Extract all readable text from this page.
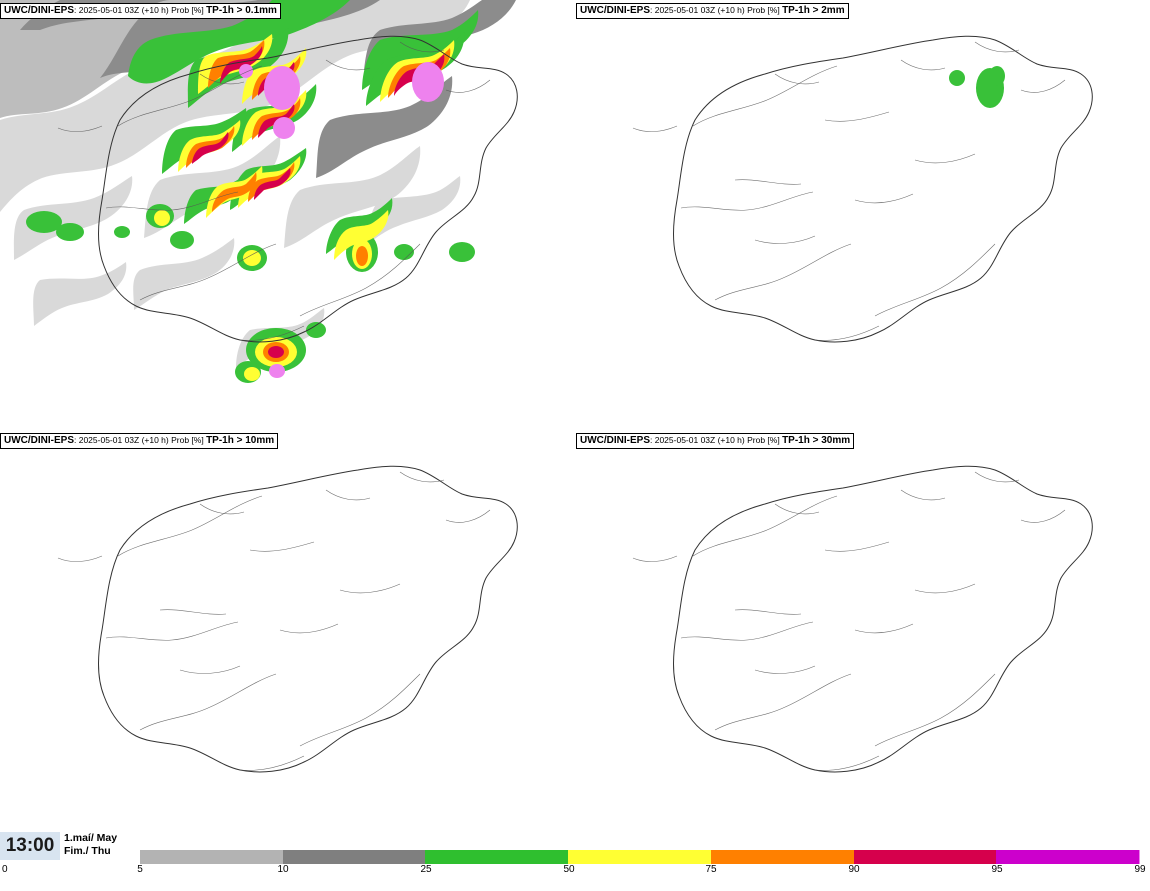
UWC/DINI-EPS: 2025-05-01 03Z (+10 h) Prob [%] TP-1h > 0.1mm	UWC/DINI-EPS: 2025-05-01 03Z (+10 h) Prob [%] TP-1h > 2mm
UWC/DINI-EPS: 2025-05-01 03Z (+10 h) Prob [%] TP-1h > 10mm	UWC/DINI-EPS: 2025-05-01 03Z (+10 h) Prob [%] TP-1h > 30mm
13:00 1.maí/ May
Fim./ Thu
0	5	10	25	50	75	90	95	99
